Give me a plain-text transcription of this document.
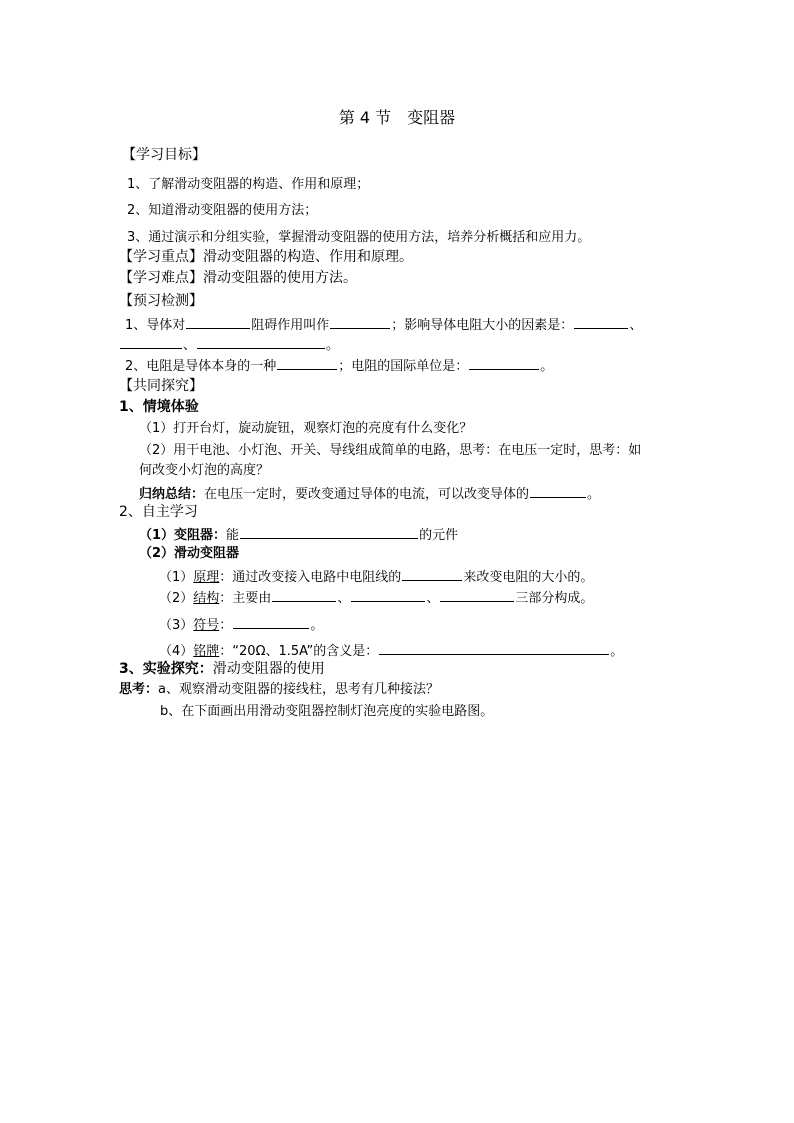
第 4 节　变阻器
【学习目标】
1、了解滑动变阻器的构造、作用和原理；
2、知道滑动变阻器的使用方法；
3、通过演示和分组实验，掌握滑动变阻器的使用方法，培养分析概括和应用力。
【学习重点】滑动变阻器的构造、作用和原理。
【学习难点】滑动变阻器的使用方法。
【预习检测】
1、导体对	阻碍作用叫作	；影响导体电阻大小的因素是：	、
、	。
2、电阻是导体本身的一种	；电阻的国际单位是：	。
【共同探究】
1、情境体验
（1）打开台灯，旋动旋钮，观察灯泡的亮度有什么变化？
（2）用干电池、小灯泡、开关、导线组成简单的电路，思考：在电压一定时，思考：如
何改变小灯泡的高度？
归纳总结：在电压一定时，要改变通过导体的电流，可以改变导体的	。
2、自主学习
（1）变阻器：能	的元件
（2）滑动变阻器
（1）原理：通过改变接入电路中电阻线的	来改变电阻的大小的。
（2）结构：主要由	、	、	三部分构成。
（3）符号：	。
（4）铭牌：“20Ω、1.5A”的含义是：	。
3、实验探究：滑动变阻器的使用
思考：a、观察滑动变阻器的接线柱，思考有几种接法？
b、在下面画出用滑动变阻器控制灯泡亮度的实验电路图。
